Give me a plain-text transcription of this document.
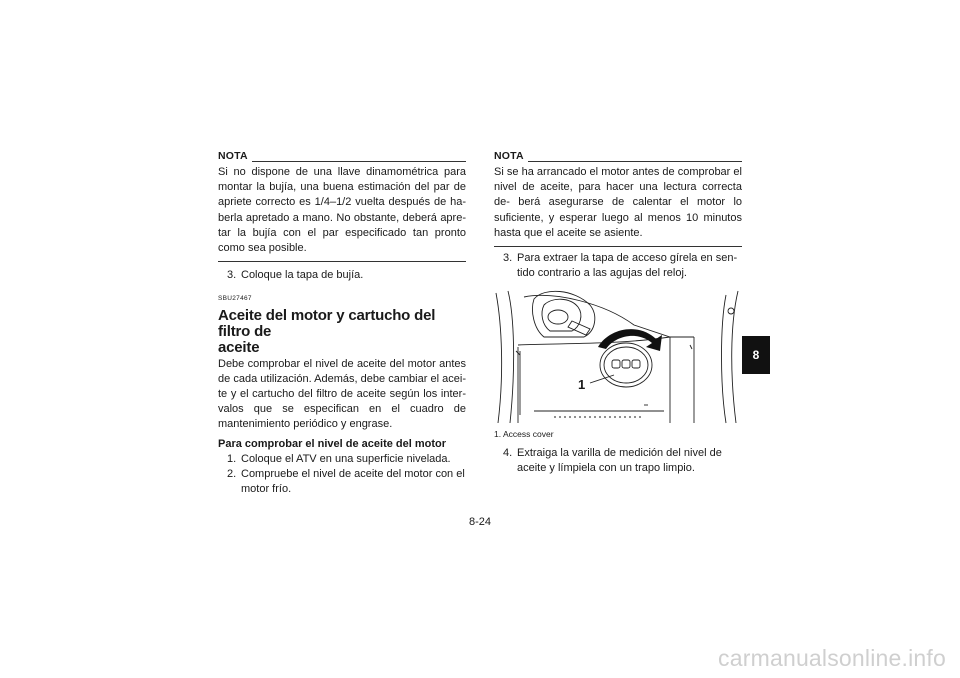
NOTA

Si no dispone de una llave dinamométrica para montar la bujía, una buena estimación del par de apriete correcto es 1/4–1/2 vuelta después de ha- berla apretado a mano. No obstante, deberá apre- tar la bujía con el par especificado tan pronto como sea posible.

3. Coloque la tapa de bujía.

SBU27467
Aceite del motor y cartucho del filtro de
aceite

Debe comprobar el nivel de aceite del motor antes de cada utilización. Además, debe cambiar el acei- te y el cartucho del filtro de aceite según los inter- valos que se especifican en el cuadro de mantenimiento periódico y engrase.

Para comprobar el nivel de aceite del motor

1. Coloque el ATV en una superficie nivelada.

2. Compruebe el nivel de aceite del motor con el
motor frío.

NOTA

Si se ha arrancado el motor antes de comprobar el nivel de aceite, para hacer una lectura correcta de- berá asegurarse de calentar el motor lo suficiente, y esperar luego al menos 10 minutos hasta que el aceite se asiente.

3. Para extraer la tapa de acceso gírela en sen-
tido contrario a las agujas del reloj.

1
1. Access cover

4. Extraiga la varilla de medición del nivel de
aceite y límpiela con un trapo limpio.

8
8-24
carmanualsonline.info
